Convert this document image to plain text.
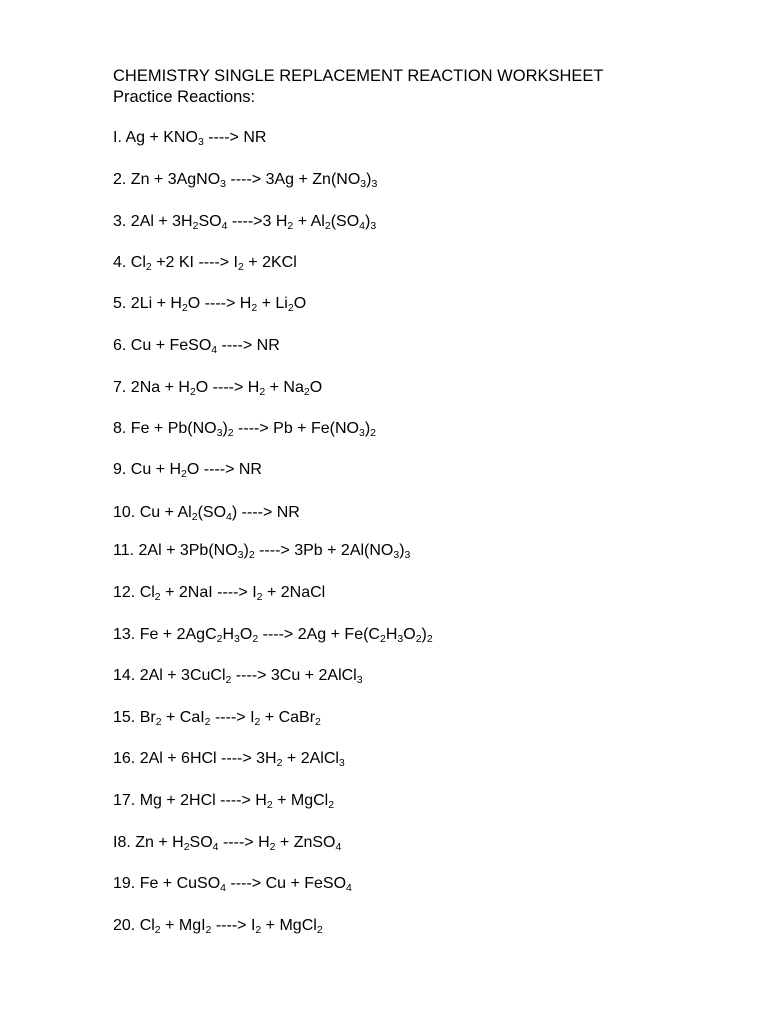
CHEMISTRY SINGLE REPLACEMENT REACTION WORKSHEET
Practice Reactions:
I. $Ag + KNO_3$ ----> NR
2. Zn + 3AgNO$_3$ ----> $3Ag + Zn(NO_3)_3$
3. $2Al + 3H_2SO_4$ ---->3 $H_2 + Al_2(SO_4)_3$
4. $Cl_2 +2$ KI ----> $I_2 + 2KCl$
5. $2Li + H_2O$ ----> $H_2 + Li_2O$
6. Cu + FeSO$_4$ ----> NR
7. $2Na + H_2O$ ----> $H_2 + Na_2O$
8. $Fe + Pb(NO_3)_2$ ----> $Pb + Fe(NO_3)_2$
9. $Cu + H_2O$ ----> NR
10. $Cu + Al_2(SO_4)$ ----> NR
11. $2Al + 3Pb(NO_3)_2$ ----> $3Pb + 2Al(NO_3)_3$
12. $Cl_2 + 2NaI$ ----> $I_2$ + 2NaCl
13. $Fe + 2AgC_2H_3O_2$ ----> $2Ag + Fe(C_2H_3O_2)_2$
14. 2Al + 3CuCl$_2$ ----> 3Cu + 2AlCl$_3$
15. $Br_2 + CaI_2$ ----> $I_2$ + CaBr$_2$
16. 2Al + 6HCl ----> $3H_2$ + 2AlCl$_3$
17. Mg + 2HCl ----> $H_2$ + MgCl$_2$
I8. $Zn + H_2SO_4$ ----> $H_2$ + ZnSO$_4$
19. Fe + CuSO$_4$ ----> Cu + FeSO$_4$
20. $Cl_2 + MgI_2$ ----> $I_2$ + MgCl$_2$
